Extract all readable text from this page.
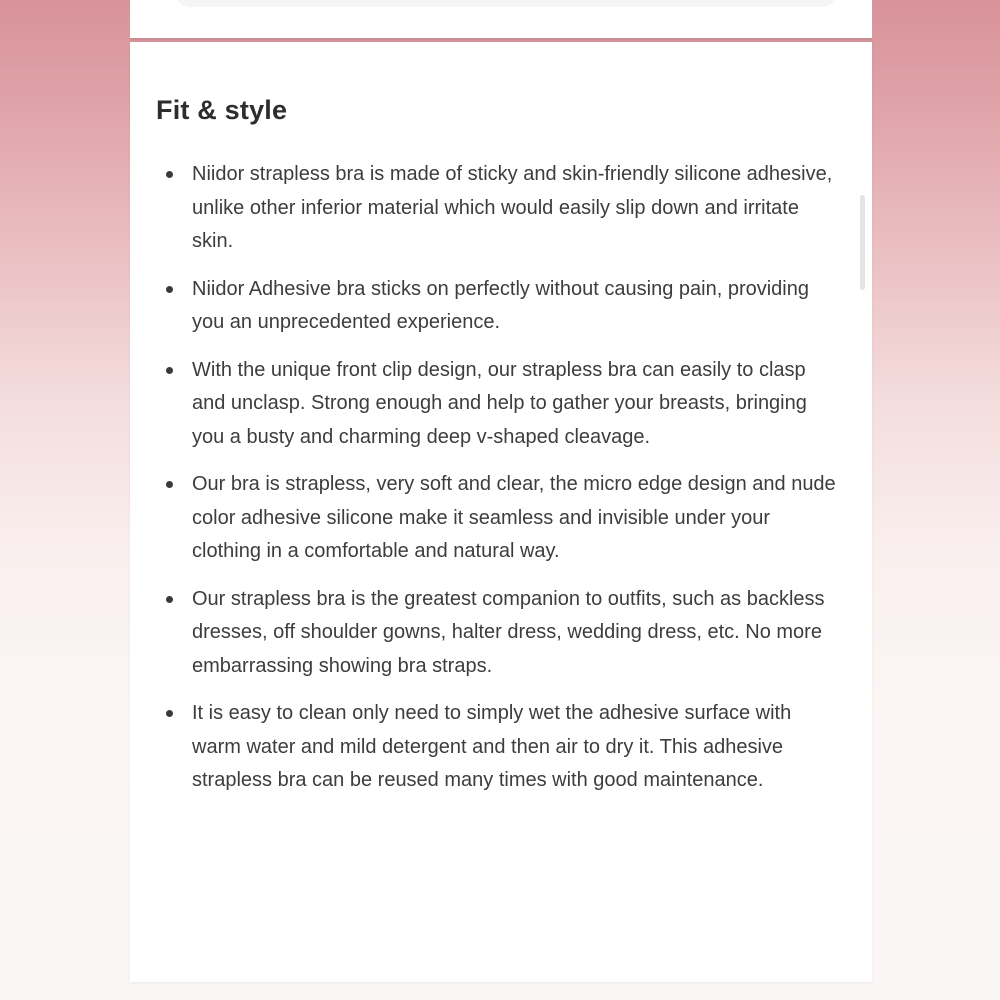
Fit & style
Niidor strapless bra is made of sticky and skin-friendly silicone adhesive, unlike other inferior material which would easily slip down and irritate skin.
Niidor Adhesive bra sticks on perfectly without causing pain, providing you an unprecedented experience.
With the unique front clip design, our strapless bra can easily to clasp and unclasp. Strong enough and help to gather your breasts, bringing you a busty and charming deep v-shaped cleavage.
Our bra is strapless, very soft and clear, the micro edge design and nude color adhesive silicone make it seamless and invisible under your clothing in a comfortable and natural way.
Our strapless bra is the greatest companion to outfits, such as backless dresses, off shoulder gowns, halter dress, wedding dress, etc. No more embarrassing showing bra straps.
It is easy to clean only need to simply wet the adhesive surface with warm water and mild detergent and then air to dry it. This adhesive strapless bra can be reused many times with good maintenance.
